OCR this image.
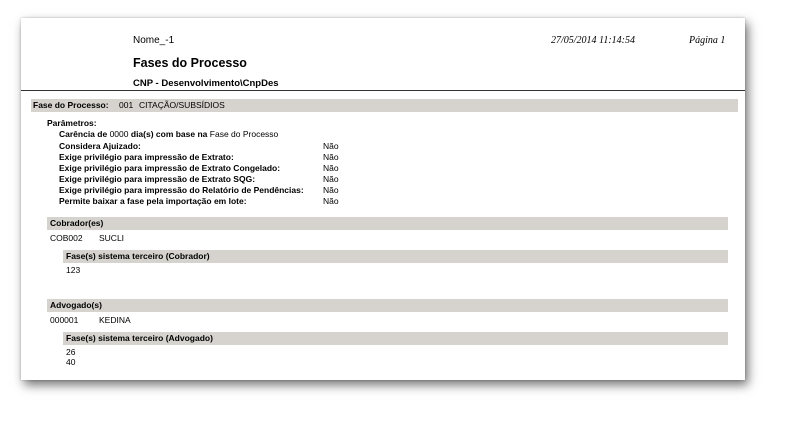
Nome_-1	27/05/2014 11:14:54	Página 1
Fases do Processo
CNP - Desenvolvimento\CnpDes
Fase do Processo: 001 CITAÇÃO/SUBSÍDIOS
Parâmetros:
Carência de 0000 dia(s) com base na Fase do Processo
Considera Ajuizado:	Não
Exige privilégio para impressão de Extrato:	Não
Exige privilégio para impressão de Extrato Congelado:	Não
Exige privilégio para impressão de Extrato SQG:	Não
Exige privilégio para impressão do Relatório de Pendências: Não
Permite baixar a fase pela importação em lote:	Não
Cobrador(es)
COB002 SUCLI
Fase(s) sistema terceiro (Cobrador)
123
Advogado(s)
000001 KEDINA
Fase(s) sistema terceiro (Advogado)
26
40
